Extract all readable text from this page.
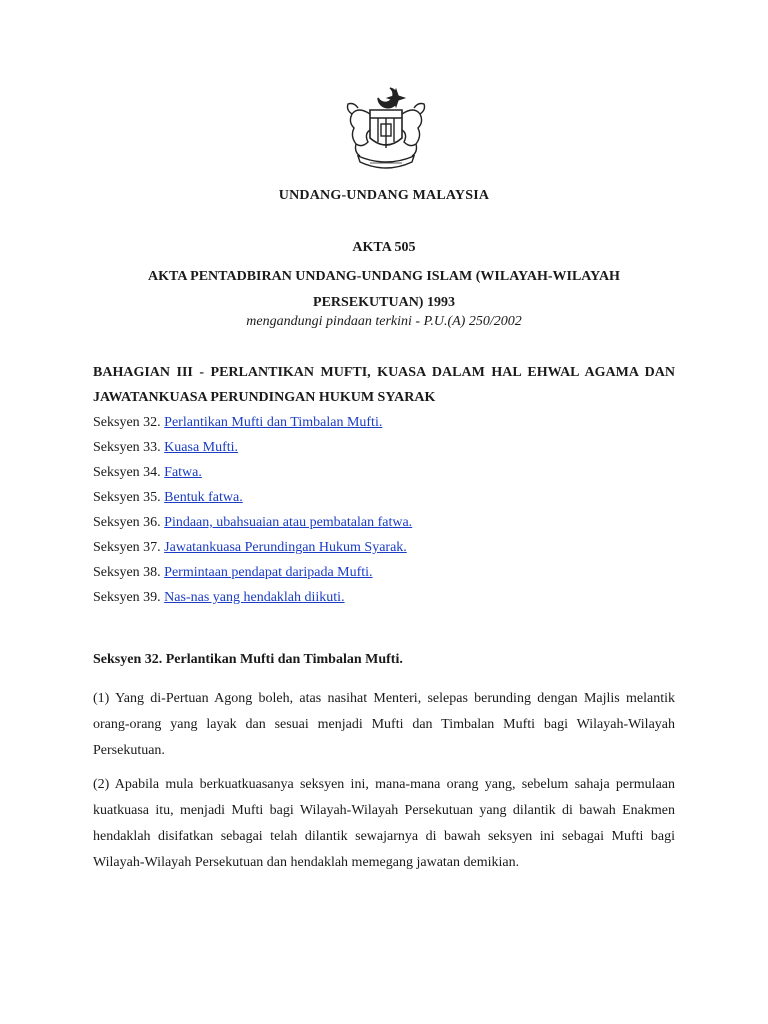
UNDANG-UNDANG MALAYSIA
AKTA 505
AKTA PENTADBIRAN UNDANG-UNDANG ISLAM (WILAYAH-WILAYAH PERSEKUTUAN) 1993
mengandungi pindaan terkini - P.U.(A) 250/2002
BAHAGIAN III - PERLANTIKAN MUFTI, KUASA DALAM HAL EHWAL AGAMA DAN JAWATANKUASA PERUNDINGAN HUKUM SYARAK
Seksyen 32. Perlantikan Mufti dan Timbalan Mufti.
Seksyen 33. Kuasa Mufti.
Seksyen 34. Fatwa.
Seksyen 35. Bentuk fatwa.
Seksyen 36. Pindaan, ubahsuaian atau pembatalan fatwa.
Seksyen 37. Jawatankuasa Perundingan Hukum Syarak.
Seksyen 38. Permintaan pendapat daripada Mufti.
Seksyen 39. Nas-nas yang hendaklah diikuti.
Seksyen 32. Perlantikan Mufti dan Timbalan Mufti.
(1) Yang di-Pertuan Agong boleh, atas nasihat Menteri, selepas berunding dengan Majlis melantik orang-orang yang layak dan sesuai menjadi Mufti dan Timbalan Mufti bagi Wilayah-Wilayah Persekutuan.
(2) Apabila mula berkuatkuasanya seksyen ini, mana-mana orang yang, sebelum sahaja permulaan kuatkuasa itu, menjadi Mufti bagi Wilayah-Wilayah Persekutuan yang dilantik di bawah Enakmen hendaklah disifatkan sebagai telah dilantik sewajarnya di bawah seksyen ini sebagai Mufti bagi Wilayah-Wilayah Persekutuan dan hendaklah memegang jawatan demikian.
